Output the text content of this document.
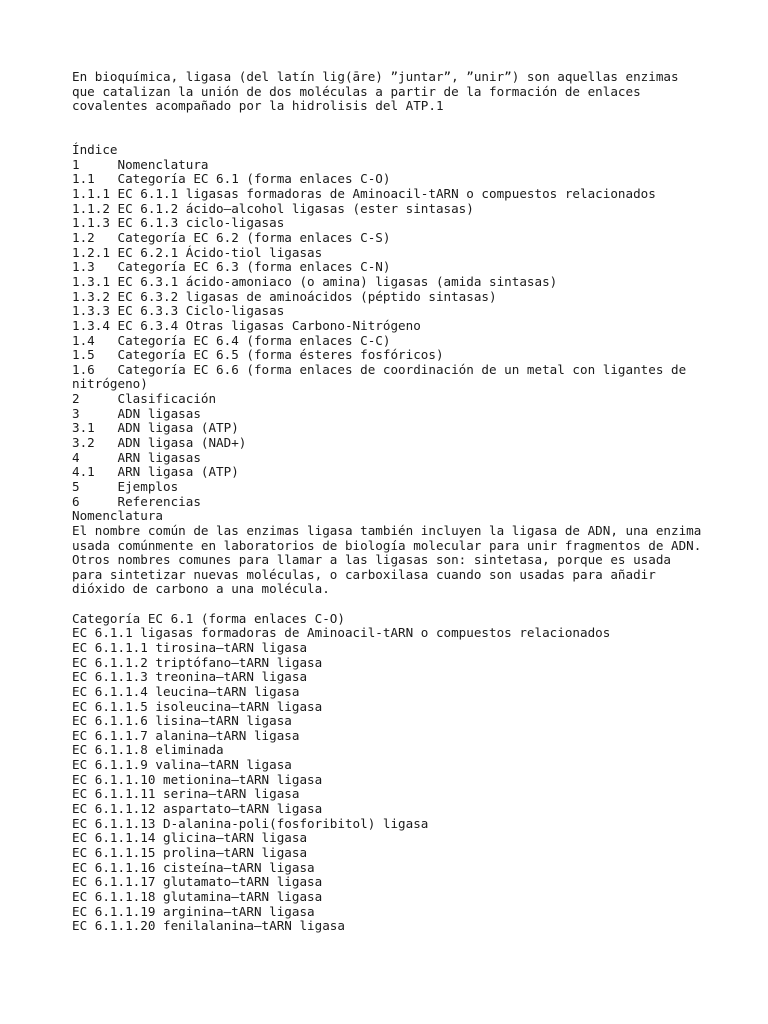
En bioquímica, ligasa (del latín lig(āre) ”juntar”, ”unir”) son aquellas enzimas
que catalizan la unión de dos moléculas a partir de la formación de enlaces
covalentes acompañado por la hidrolisis del ATP.1
Índice
1     Nomenclatura
1.1   Categoría EC 6.1 (forma enlaces C-O)
1.1.1 EC 6.1.1 ligasas formadoras de Aminoacil-tARN o compuestos relacionados
1.1.2 EC 6.1.2 ácido—alcohol ligasas (ester sintasas)
1.1.3 EC 6.1.3 ciclo-ligasas
1.2   Categoría EC 6.2 (forma enlaces C-S)
1.2.1 EC 6.2.1 Ácido-tiol ligasas
1.3   Categoría EC 6.3 (forma enlaces C-N)
1.3.1 EC 6.3.1 ácido-amoniaco (o amina) ligasas (amida sintasas)
1.3.2 EC 6.3.2 ligasas de aminoácidos (péptido sintasas)
1.3.3 EC 6.3.3 Ciclo-ligasas
1.3.4 EC 6.3.4 Otras ligasas Carbono-Nitrógeno
1.4   Categoría EC 6.4 (forma enlaces C-C)
1.5   Categoría EC 6.5 (forma ésteres fosfóricos)
1.6   Categoría EC 6.6 (forma enlaces de coordinación de un metal con ligantes de
nitrógeno)
2     Clasificación
3     ADN ligasas
3.1   ADN ligasa (ATP)
3.2   ADN ligasa (NAD+)
4     ARN ligasas
4.1   ARN ligasa (ATP)
5     Ejemplos
6     Referencias
Nomenclatura
El nombre común de las enzimas ligasa también incluyen la ligasa de ADN, una enzima
usada comúnmente en laboratorios de biología molecular para unir fragmentos de ADN.
Otros nombres comunes para llamar a las ligasas son: sintetasa, porque es usada
para sintetizar nuevas moléculas, o carboxilasa cuando son usadas para añadir
dióxido de carbono a una molécula.
Categoría EC 6.1 (forma enlaces C-O)
EC 6.1.1 ligasas formadoras de Aminoacil-tARN o compuestos relacionados
EC 6.1.1.1 tirosina—tARN ligasa
EC 6.1.1.2 triptófano—tARN ligasa
EC 6.1.1.3 treonina—tARN ligasa
EC 6.1.1.4 leucina—tARN ligasa
EC 6.1.1.5 isoleucina—tARN ligasa
EC 6.1.1.6 lisina—tARN ligasa
EC 6.1.1.7 alanina—tARN ligasa
EC 6.1.1.8 eliminada
EC 6.1.1.9 valina—tARN ligasa
EC 6.1.1.10 metionina—tARN ligasa
EC 6.1.1.11 serina—tARN ligasa
EC 6.1.1.12 aspartato—tARN ligasa
EC 6.1.1.13 D-alanina-poli(fosforibitol) ligasa
EC 6.1.1.14 glicina—tARN ligasa
EC 6.1.1.15 prolina—tARN ligasa
EC 6.1.1.16 cisteína—tARN ligasa
EC 6.1.1.17 glutamato—tARN ligasa
EC 6.1.1.18 glutamina—tARN ligasa
EC 6.1.1.19 arginina—tARN ligasa
EC 6.1.1.20 fenilalanina—tARN ligasa
